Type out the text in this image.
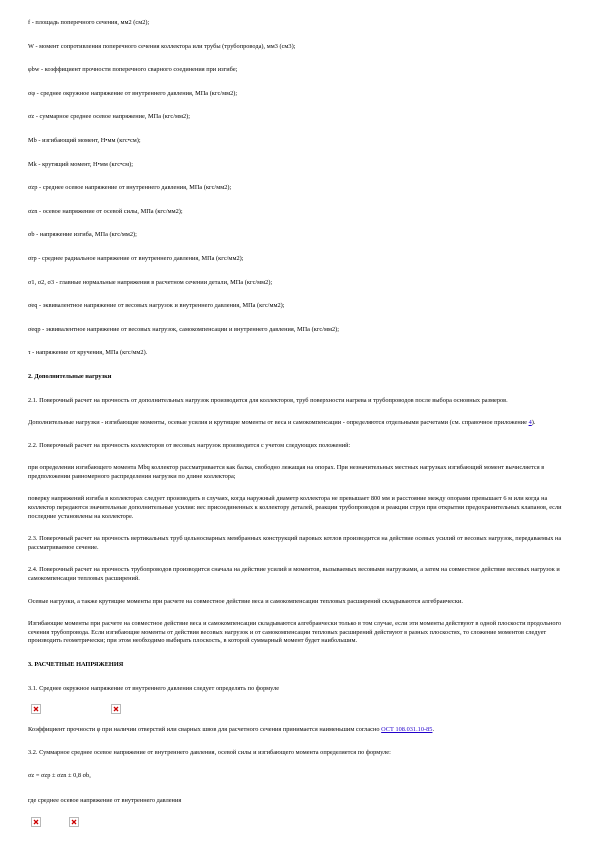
f - площадь поперечного сечения, мм2 (см2);

W - момент сопротивления поперечного сечения коллектора или трубы (трубопровода), мм3 (см3);

φbw - коэффициент прочности поперечного сварного соединения при изгибе;

σφ - среднее окружное напряжение от внутреннего давления, МПа (кгс/мм2);

σz - суммарное среднее осевое напряжение, МПа (кгс/мм2);

Mb - изгибающий момент, Н•мм (кгс•см);

Mk - крутящий момент, Н•мм (кгс•см);

σzp - среднее осевое напряжение от внутреннего давления, МПа (кгс/мм2);

σzn - осевое напряжение от осевой силы, МПа (кгс/мм2);

σb - напряжение изгиба, МПа (кгс/мм2);

σrp - среднее радиальное напряжение от внутреннего давления, МПа (кгс/мм2);

σ1, σ2, σ3 - главные нормальные напряжения в расчетном сечении детали, МПа (кгс/мм2);

σeq - эквивалентное напряжение от весовых нагрузок и внутреннего давления, МПа (кгс/мм2);

σeqp - эквивалентное напряжение от весовых нагрузок, самокомпенсации и внутреннего давления, МПа (кгс/мм2);

τ - напряжение от кручения, МПа (кгс/мм2).

2. Дополнительные нагрузки

2.1. Поверочный расчет на прочность от дополнительных нагрузок производится для коллекторов, труб поверхности нагрева и трубопроводов после выбора основных размеров.

Дополнительные нагрузки - изгибающие моменты, осевые усилия и крутящие моменты от веса и самокомпенсации - определяются отдельными расчетами (см. справочное приложение 4).

2.2. Поверочный расчет на прочность коллекторов от весовых нагрузок производится с учетом следующих положений:

при определении изгибающего момента Mbq коллектор рассматривается как балка, свободно лежащая на опорах. При незначительных местных нагрузках изгибающий момент вычисляется в предположении равномерного распределения нагрузки по длине коллектора;

поверку напряжений изгиба в коллекторах следует производить в случаях, когда наружный диаметр коллектора не превышает 800 мм и расстояние между опорами превышает 6 м или когда на коллектор передаются значительные дополнительные усилия: вес присоединенных к коллектору деталей, реакции трубопроводов и реакции струи при открытии предохранительных клапанов, если последние установлены на коллекторе.

2.3. Поверочный расчет на прочность вертикальных труб цельносварных мембранных конструкций паровых котлов производится на действие осевых усилий от весовых нагрузок, передаваемых на рассматриваемое сечение.

2.4. Поверочный расчет на прочность трубопроводов производится сначала на действие усилий и моментов, вызываемых весовыми нагрузками, а затем на совместное действие весовых нагрузок и самокомпенсации тепловых расширений.

Осевые нагрузки, а также крутящие моменты при расчете на совместное действие веса и самокомпенсации тепловых расширений складываются алгебраически.

Изгибающие моменты при расчете на совместное действие веса и самокомпенсации складываются алгебраически только в том случае, если эти моменты действуют в одной плоскости продольного сечения трубопровода. Если изгибающие моменты от действия весовых нагрузок и от самокомпенсации тепловых расширений действуют в разных плоскостях, то сложение моментов следует производить геометрически; при этом необходимо выбирать плоскость, в которой суммарный момент будет наибольшим.

3. РАСЧЕТНЫЕ НАПРЯЖЕНИЯ

3.1. Среднее окружное напряжение от внутреннего давления следует определять по формуле

Коэффициент прочности φ при наличии отверстий или сварных швов для расчетного сечения принимается наименьшим согласно ОСТ 108.031.10-85.

3.2. Суммарное среднее осевое напряжение от внутреннего давления, осевой силы и изгибающего момента определяется по формуле:

σz = σzp ± σzn ± 0,8 σb,

где среднее осевое напряжение от внутреннего давления
